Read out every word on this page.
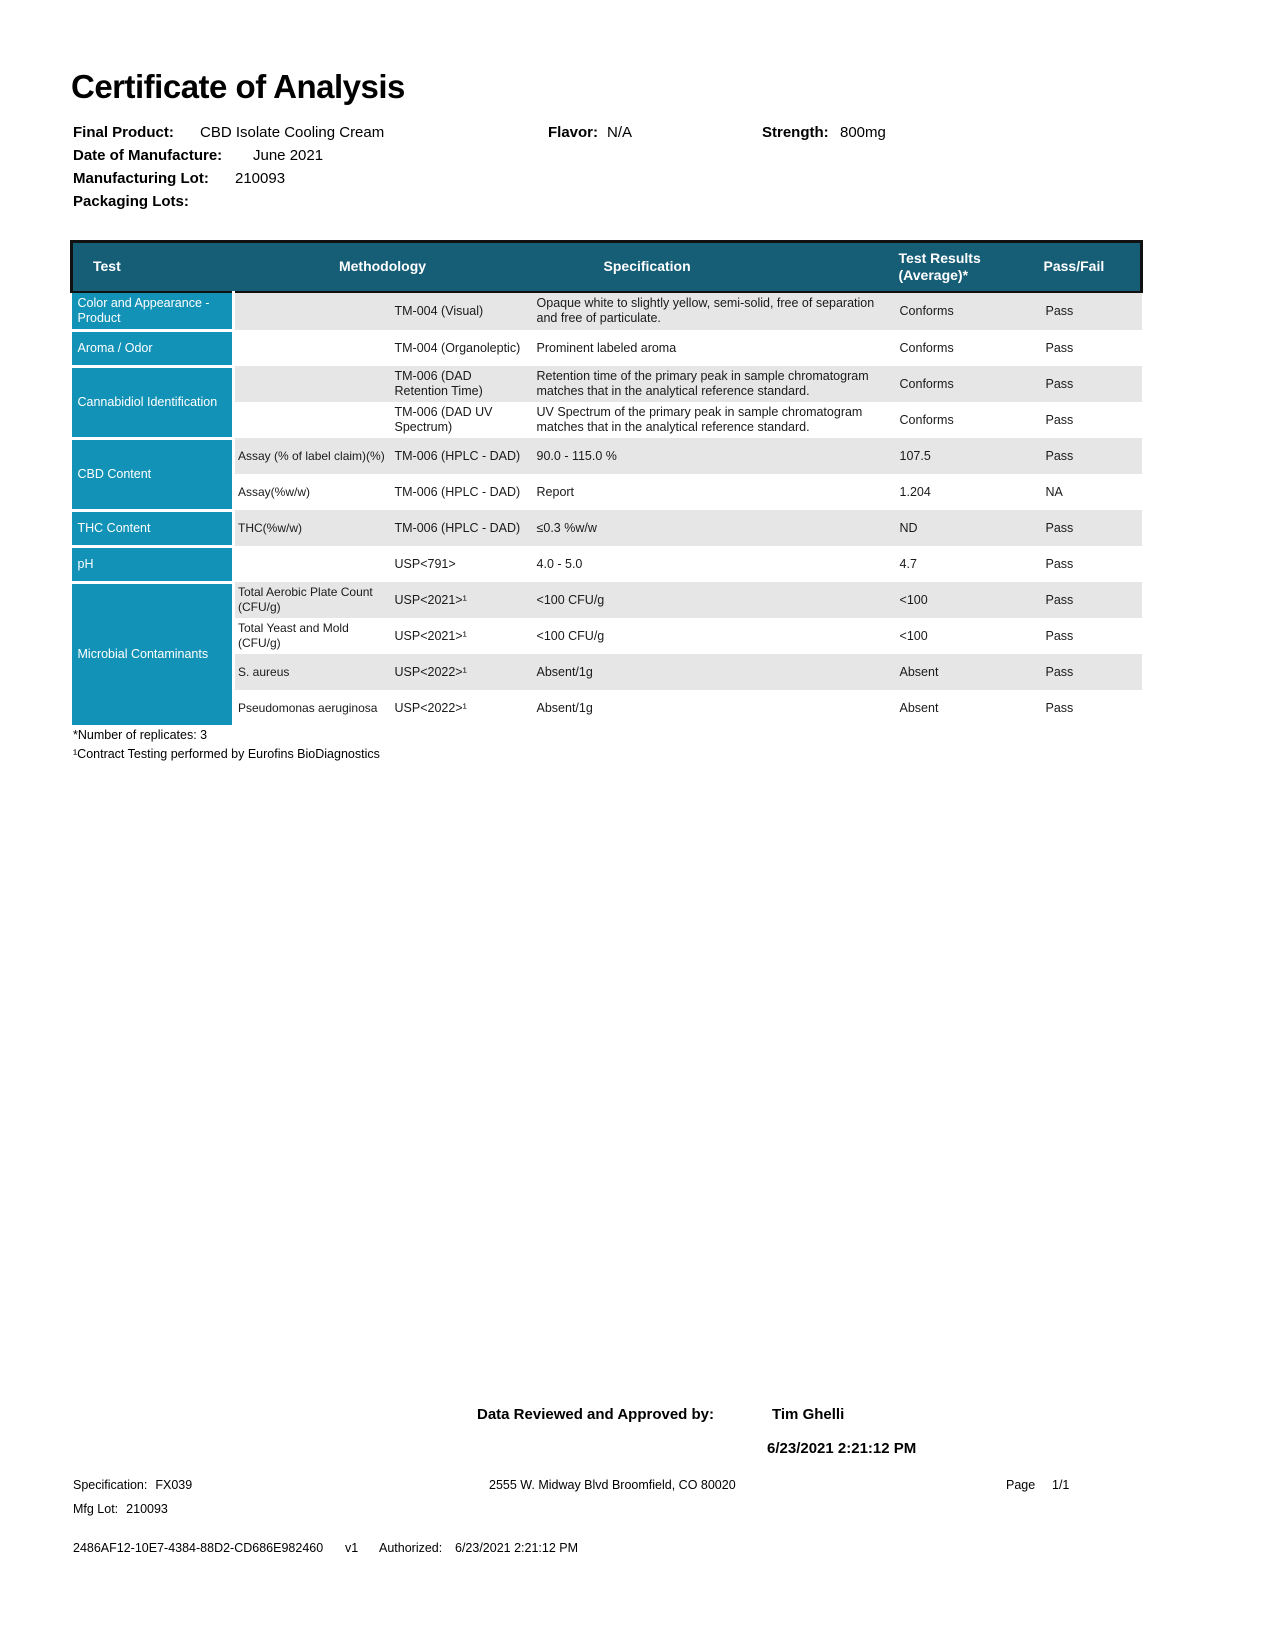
Certificate of Analysis
Final Product: CBD Isolate Cooling Cream	Flavor: N/A	Strength: 800mg
Date of Manufacture: June 2021
Manufacturing Lot: 210093
Packaging Lots:
Test	Methodology		Specification	Test Results (Average)*	Pass/Fail
Color and Appearance - Product		TM-004 (Visual)	Opaque white to slightly yellow, semi-solid, free of separation and free of particulate.	Conforms	Pass
Aroma / Odor		TM-004 (Organoleptic)	Prominent labeled aroma	Conforms	Pass
Cannabidiol Identification		TM-006 (DAD Retention Time)	Retention time of the primary peak in sample chromatogram matches that in the analytical reference standard.	Conforms	Pass
		TM-006 (DAD UV Spectrum)	UV Spectrum of the primary peak in sample chromatogram matches that in the analytical reference standard.	Conforms	Pass
CBD Content	Assay (% of label claim)(%)	TM-006 (HPLC - DAD)	90.0 - 115.0 %	107.5	Pass
	Assay(%w/w)	TM-006 (HPLC - DAD)	Report	1.204	NA
THC Content	THC(%w/w)	TM-006 (HPLC - DAD)	≤0.3 %w/w	ND	Pass
pH		USP<791>	4.0 - 5.0	4.7	Pass
Microbial Contaminants	Total Aerobic Plate Count (CFU/g)	USP<2021>¹	<100 CFU/g	<100	Pass
	Total Yeast and Mold (CFU/g)	USP<2021>¹	<100 CFU/g	<100	Pass
	S. aureus	USP<2022>¹	Absent/1g	Absent	Pass
	Pseudomonas aeruginosa	USP<2022>¹	Absent/1g	Absent	Pass
*Number of replicates: 3
¹Contract Testing performed by Eurofins BioDiagnostics
Data Reviewed and Approved by:	Tim Ghelli
6/23/2021 2:21:12 PM
Specification: FX039	2555 W. Midway Blvd Broomfield, CO 80020	Page 1/1
Mfg Lot: 210093
2486AF12-10E7-4384-88D2-CD686E982460 v1 Authorized: 6/23/2021 2:21:12 PM
